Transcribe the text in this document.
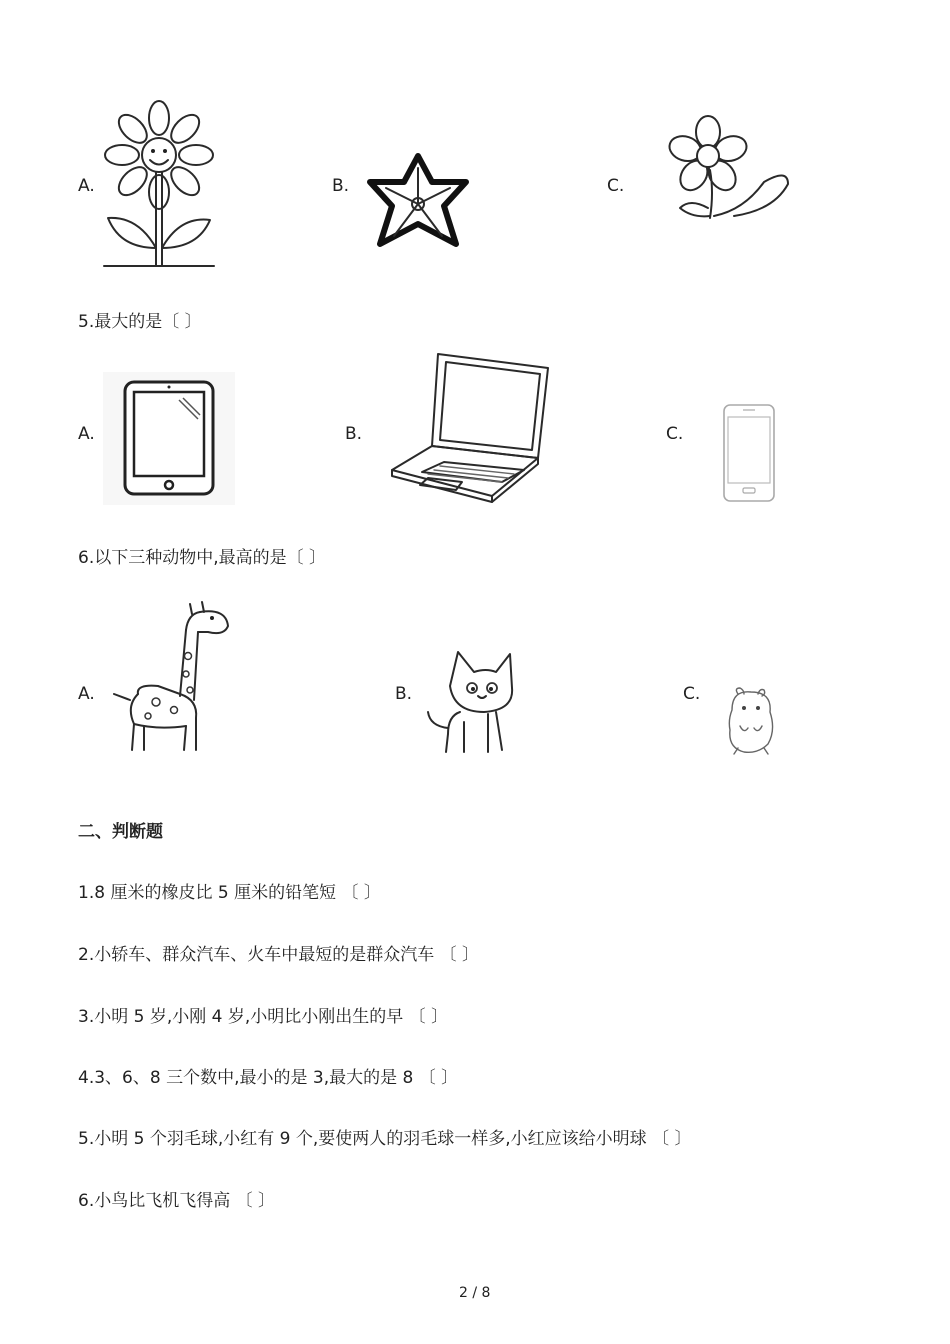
A.	B.	C.
5.最大的是〔 〕
A.	B.	C.
6.以下三种动物中,最高的是〔 〕
A.	B.	C.
二、判断题
1.8 厘米的橡皮比 5 厘米的铅笔短 〔 〕
2.小轿车、群众汽车、火车中最短的是群众汽车 〔 〕
3.小明 5 岁,小刚 4 岁,小明比小刚出生的早 〔 〕
4.3、6、8 三个数中,最小的是 3,最大的是 8 〔 〕
5.小明 5 个羽毛球,小红有 9 个,要使两人的羽毛球一样多,小红应该给小明球 〔 〕
6.小鸟比飞机飞得高 〔 〕
2 / 8
